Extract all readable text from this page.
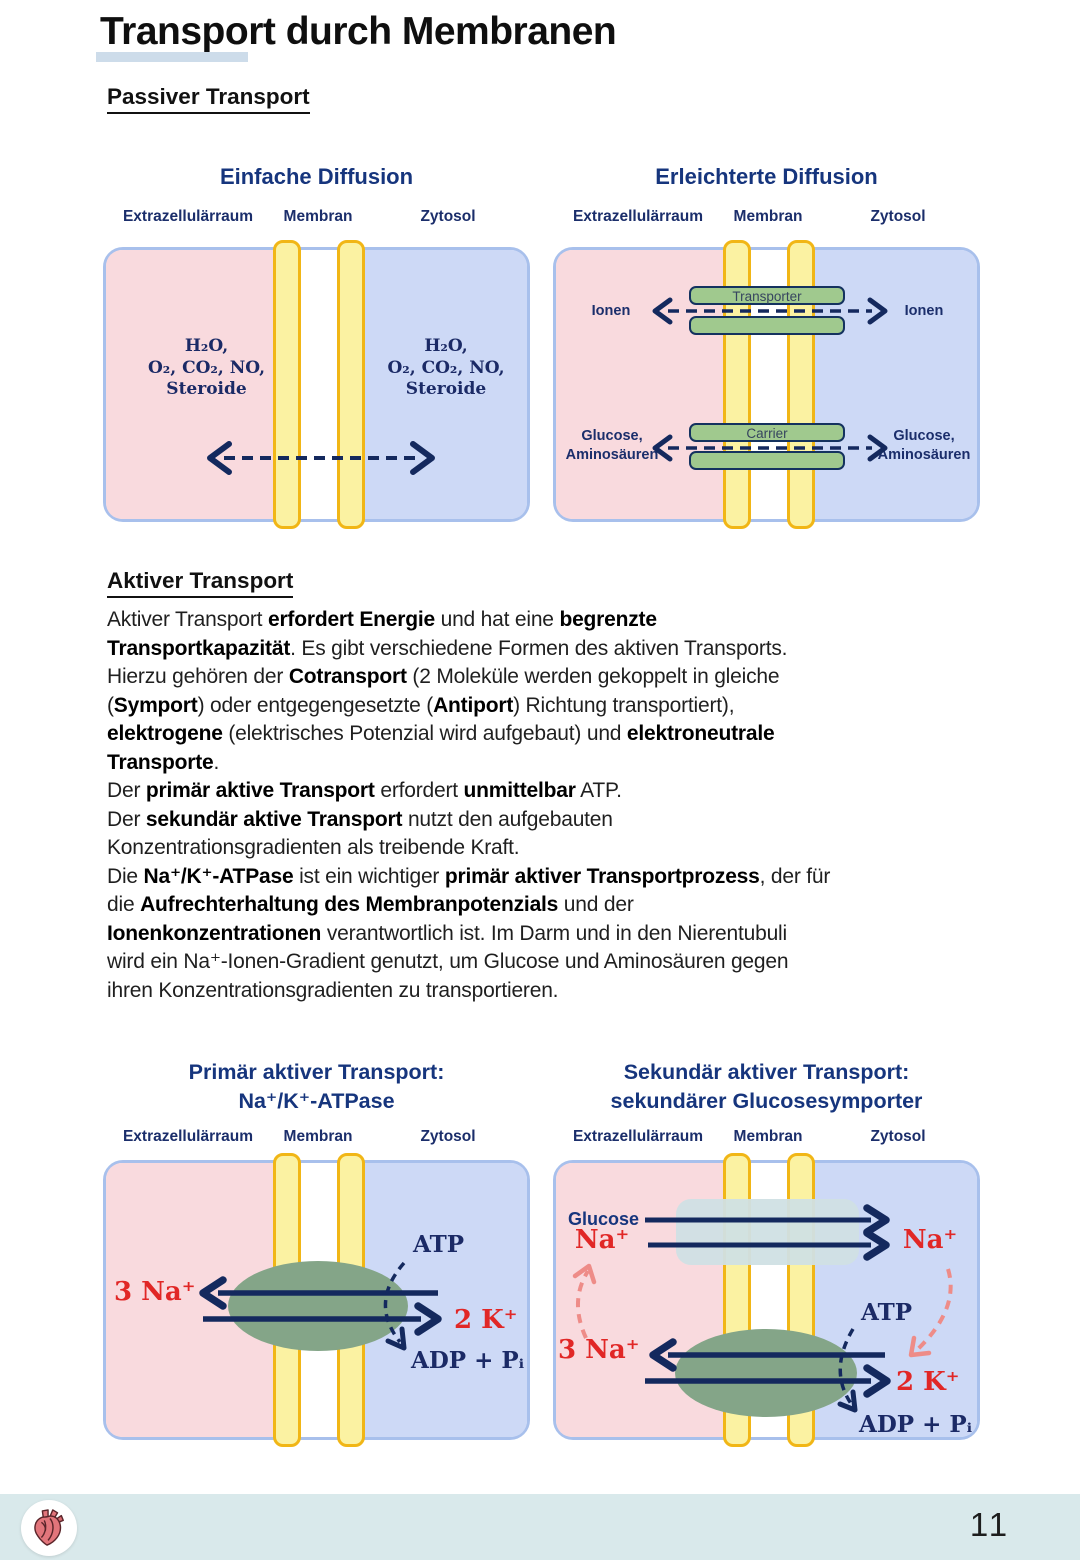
Transport durch Membranen
Passiver Transport
Einfache Diffusion	Erleichterte Diffusion
Extrazellulärraum	Membran	Zytosol	Extrazellulärraum	Membran	Zytosol
H₂O,
O₂, CO₂, NO,
Steroide
H₂O,
O₂, CO₂, NO,
Steroide
Transporter
Carrier
Ionen	Ionen
Glucose,
Aminosäuren
Glucose,
Aminosäuren
Aktiver Transport
Aktiver Transport erfordert Energie und hat eine begrenzte
Transportkapazität. Es gibt verschiedene Formen des aktiven Transports.
Hierzu gehören der Cotransport (2 Moleküle werden gekoppelt in gleiche
(Symport) oder entgegengesetzte (Antiport) Richtung transportiert),
elektrogene (elektrisches Potenzial wird aufgebaut) und elektroneutrale
Transporte.
Der primär aktive Transport erfordert unmittelbar ATP.
Der sekundär aktive Transport nutzt den aufgebauten
Konzentrationsgradienten als treibende Kraft.
Die Na⁺/K⁺-ATPase ist ein wichtiger primär aktiver Transportprozess, der für
die Aufrechterhaltung des Membranpotenzials und der
Ionenkonzentrationen verantwortlich ist. Im Darm und in den Nierentubuli
wird ein Na⁺-Ionen-Gradient genutzt, um Glucose und Aminosäuren gegen
ihren Konzentrationsgradienten zu transportieren.
Primär aktiver Transport:
Na⁺/K⁺-ATPase
Sekundär aktiver Transport:
sekundärer Glucosesymporter
Extrazellulärraum	Membran	Zytosol	Extrazellulärraum	Membran	Zytosol
3 Na⁺
2 K⁺
ATP
ADP + Pᵢ
Glucose
Na⁺	Na⁺
3 Na⁺
2 K⁺
ATP
ADP + Pᵢ
11
